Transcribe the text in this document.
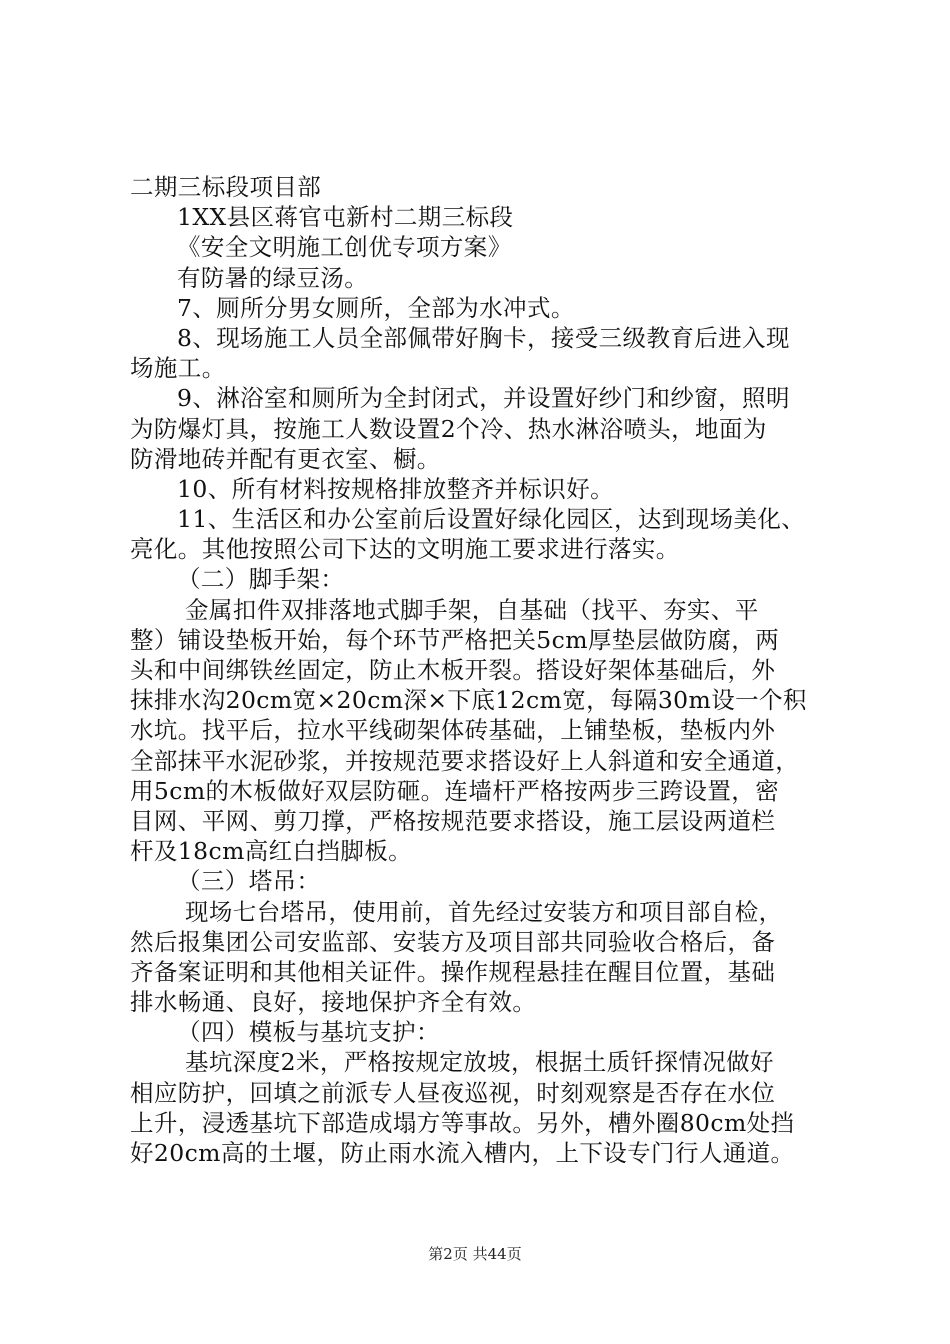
二期三标段项目部
1XX县区蒋官屯新村二期三标段
《安全文明施工创优专项方案》
有防暑的绿豆汤。
7、厕所分男女厕所，全部为水冲式。
8、现场施工人员全部佩带好胸卡，接受三级教育后进入现
场施工。
9、淋浴室和厕所为全封闭式，并设置好纱门和纱窗，照明
为防爆灯具，按施工人数设置2个冷、热水淋浴喷头，地面为
防滑地砖并配有更衣室、橱。
10、所有材料按规格排放整齐并标识好。
11、生活区和办公室前后设置好绿化园区，达到现场美化、
亮化。其他按照公司下达的文明施工要求进行落实。
（二）脚手架：
金属扣件双排落地式脚手架，自基础（找平、夯实、平
整）铺设垫板开始，每个环节严格把关5cm厚垫层做防腐，两
头和中间绑铁丝固定，防止木板开裂。搭设好架体基础后，外
抹排水沟20cm宽×20cm深×下底12cm宽，每隔30m设一个积
水坑。找平后，拉水平线砌架体砖基础，上铺垫板，垫板内外
全部抹平水泥砂浆，并按规范要求搭设好上人斜道和安全通道，
用5cm的木板做好双层防砸。连墙杆严格按两步三跨设置，密
目网、平网、剪刀撑，严格按规范要求搭设，施工层设两道栏
杆及18cm高红白挡脚板。
（三）塔吊：
现场七台塔吊，使用前，首先经过安装方和项目部自检，
然后报集团公司安监部、安装方及项目部共同验收合格后，备
齐备案证明和其他相关证件。操作规程悬挂在醒目位置，基础
排水畅通、良好，接地保护齐全有效。
（四）模板与基坑支护：
基坑深度2米，严格按规定放坡，根据土质钎探情况做好
相应防护，回填之前派专人昼夜巡视，时刻观察是否存在水位
上升，浸透基坑下部造成塌方等事故。另外，槽外圈80cm处挡
好20cm高的土堰，防止雨水流入槽内，上下设专门行人通道。
第2页 共44页
